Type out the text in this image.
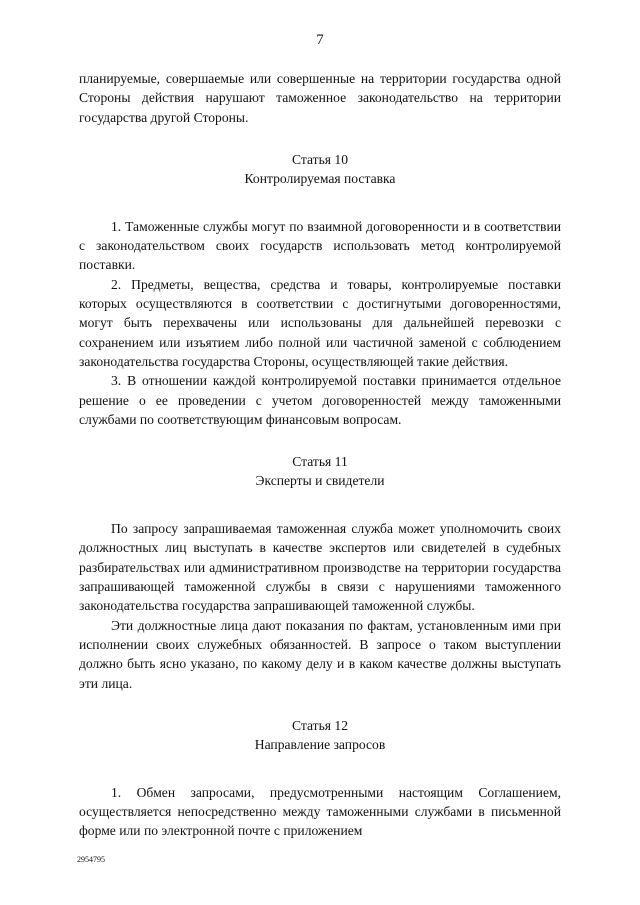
7

планируемые, совершаемые или совершенные на территории государства одной Стороны действия нарушают таможенное законодательство на территории государства другой Стороны.

Статья 10
Контролируемая поставка

1. Таможенные службы могут по взаимной договоренности и в соответствии с законодательством своих государств использовать метод контролируемой поставки.

2. Предметы, вещества, средства и товары, контролируемые поставки которых осуществляются в соответствии с достигнутыми договоренностями, могут быть перехвачены или использованы для дальнейшей перевозки с сохранением или изъятием либо полной или частичной заменой с соблюдением законодательства государства Стороны, осуществляющей такие действия.

3. В отношении каждой контролируемой поставки принимается отдельное решение о ее проведении с учетом договоренностей между таможенными службами по соответствующим финансовым вопросам.

Статья 11
Эксперты и свидетели

По запросу запрашиваемая таможенная служба может уполномочить своих должностных лиц выступать в качестве экспертов или свидетелей в судебных разбирательствах или административном производстве на территории государства запрашивающей таможенной службы в связи с нарушениями таможенного законодательства государства запрашивающей таможенной службы.

Эти должностные лица дают показания по фактам, установленным ими при исполнении своих служебных обязанностей. В запросе о таком выступлении должно быть ясно указано, по какому делу и в каком качестве должны выступать эти лица.

Статья 12
Направление запросов

1. Обмен запросами, предусмотренными настоящим Соглашением, осуществляется непосредственно между таможенными службами в письменной форме или по электронной почте с приложением

2954795
